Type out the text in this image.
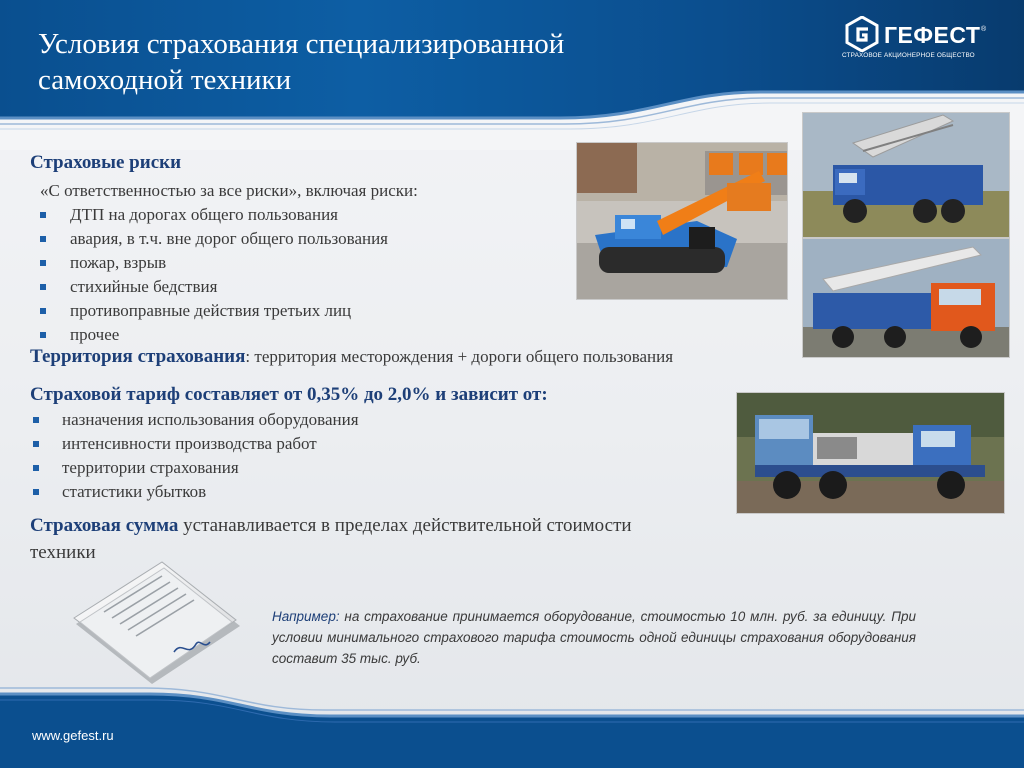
Условия страхования специализированной самоходной техники
ГЕФЕСТ ®
СТРАХОВОЕ АКЦИОНЕРНОЕ ОБЩЕСТВО
Страховые риски
«С ответственностью за все риски», включая риски:
ДТП на дорогах общего пользования
авария, в т.ч. вне дорог общего пользования
пожар, взрыв
стихийные бедствия
противоправные действия третьих лиц
прочее
Территория страхования: территория месторождения + дороги общего пользования
Страховой тариф составляет от 0,35% до 2,0% и зависит от:
назначения использования оборудования
интенсивности производства работ
территории страхования
статистики убытков
Страховая сумма устанавливается в пределах действительной стоимости техники
Например: на страхование принимается оборудование, стоимостью 10 млн. руб. за единицу. При условии минимального страхового тарифа стоимость одной единицы страхования оборудования составит 35 тыс. руб.
www.gefest.ru
